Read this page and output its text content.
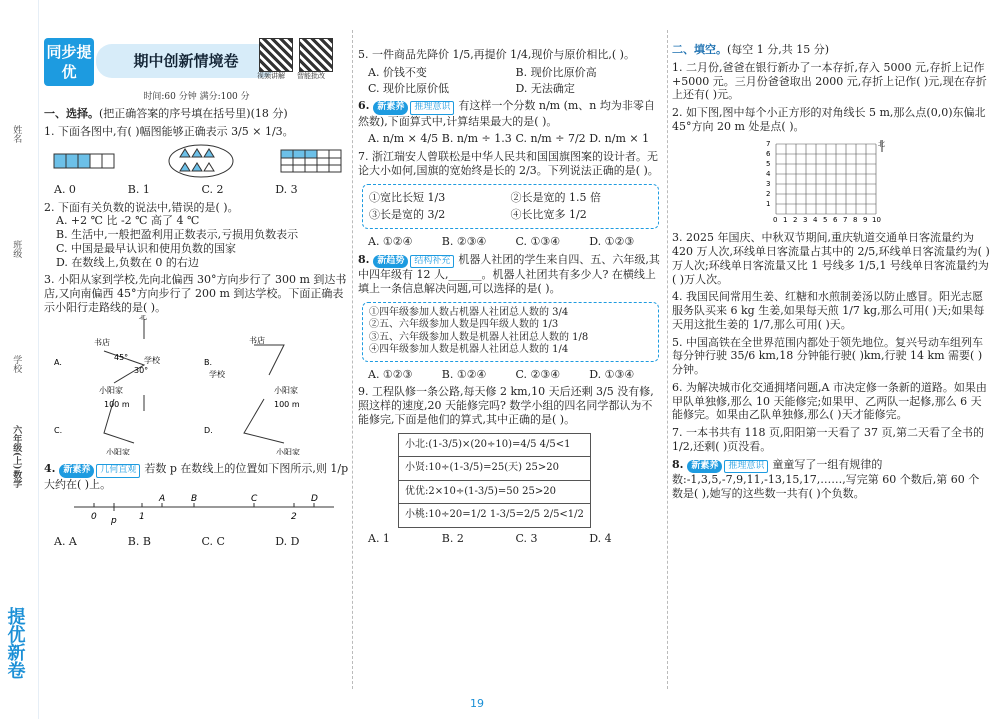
姓名
班级
学校
数学
六年级(上)
提优新卷
同步提优
期中创新情境卷
视频讲解 智能批改
时间:60 分钟 满分:100 分
一、选择。(把正确答案的序号填在括号里)(18 分)
1. 下面各图中,有( )幅图能够正确表示 3/5 × 1/3。
A. 0	B. 1	C. 2	D. 3
2. 下面有关负数的说法中,错误的是( )。
A. +2 ℃ 比 -2 ℃ 高了 4 ℃
B. 生活中,一般把盈利用正数表示,亏损用负数表示
C. 中国是最早认识和使用负数的国家
D. 在数线上,负数在 0 的右边
3. 小阳从家到学校,先向北偏西 30°方向步行了 300 m 到达书店,又向南偏西 45°方向步行了 200 m 到达学校。下面正确表示小阳行走路线的是( )。
A.	B.
C.	D.
北
书店
学校
小阳家	小阳家
书店
学校
100 m	100 m
小阳家	小阳家
45°
30°
4. 新素养 几何直观 若数 p 在数线上的位置如下图所示,则 1/p 大约在( )上。
0 p 1
A	B	C
2
D
A. A	B. B	C. C	D. D
5. 一件商品先降价 1/5,再提价 1/4,现价与原价相比,( )。
A. 价钱不变	B. 现价比原价高
C. 现价比原价低	D. 无法确定
6. 新素养 推理意识 有这样一个分数 n/m (m、n 均为非零自然数),下面算式中,计算结果最大的是( )。
A. n/m × 4/5 B. n/m ÷ 1.3 C. n/m ÷ 7/2 D. n/m × 1
7. 浙江瑞安人曾联松是中华人民共和国国旗图案的设计者。无论大小如何,国旗的宽始终是长的 2/3。下列说法正确的是( )。
①宽比长短 1/3	②长是宽的 1.5 倍
③长是宽的 3/2	④长比宽多 1/2
A. ①②④	B. ②③④	C. ①③④	D. ①②③
8. 新趋势 结构补充 机器人社团的学生来自四、五、六年级,其中四年级有 12 人,______。机器人社团共有多少人? 在横线上填上一条信息解决问题,可以选择的是( )。
①四年级参加人数占机器人社团总人数的 3/4
②五、六年级参加人数是四年级人数的 1/3
③五、六年级参加人数是机器人社团总人数的 1/8
④四年级参加人数是机器人社团总人数的 1/4
A. ①②③	B. ①②④	C. ②③④	D. ①③④
9. 工程队修一条公路,每天修 2 km,10 天后还剩 3/5 没有修,照这样的速度,20 天能修完吗? 数学小组的四名同学都认为不能修完,下面是他们的算式,其中正确的是( )。
小北:(1-3/5)×(20÷10)=4/5 4/5<1
小贤:10÷(1-3/5)=25(天) 25>20
优优:2×10÷(1-3/5)=50 25>20
小桃:10÷20=1/2 1-3/5=2/5 2/5<1/2
A. 1	B. 2	C. 3	D. 4
二、填空。(每空 1 分,共 15 分)
1. 二月份,爸爸在银行新办了一本存折,存入 5000 元,存折上记作 +5000 元。三月份爸爸取出 2000 元,存折上记作( )元,现在存折上还有( )元。
2. 如下图,图中每个小正方形的对角线长 5 m,那么点(0,0)东偏北 45°方向 20 m 处是点( )。
北
0 1 2 3 4 5 6 7 8 9 10
1
2
3
4
5
6
7
3. 2025 年国庆、中秋双节期间,重庆轨道交通单日客流量约为 420 万人次,环线单日客流量占其中的 2/5,环线单日客流量约为( )万人次;环线单日客流量又比 1 号线多 1/5,1 号线单日客流量约为( )万人次。
4. 我国民间常用生姜、红糖和水煎制姜汤以防止感冒。阳光志愿服务队买来 6 kg 生姜,如果每天煎 1/7 kg,那么可用( )天;如果每天用这批生姜的 1/7,那么可用( )天。
5. 中国高铁在全世界范围内都处于领先地位。复兴号动车组列车每分钟行驶 35/6 km,18 分钟能行驶( )km,行驶 14 km 需要( )分钟。
6. 为解决城市化交通拥堵问题,A 市决定修一条新的道路。如果由甲队单独修,那么 10 天能修完;如果甲、乙两队一起修,那么 6 天能修完。如果由乙队单独修,那么( )天才能修完。
7. 一本书共有 118 页,阳阳第一天看了 37 页,第二天看了全书的 1/2,还剩( )页没看。
8. 新素养 推理意识 童童写了一组有规律的数:-1,3,5,-7,9,11,-13,15,17,……,写完第 60 个数后,第 60 个数是( ),她写的这些数一共有( )个负数。
19
